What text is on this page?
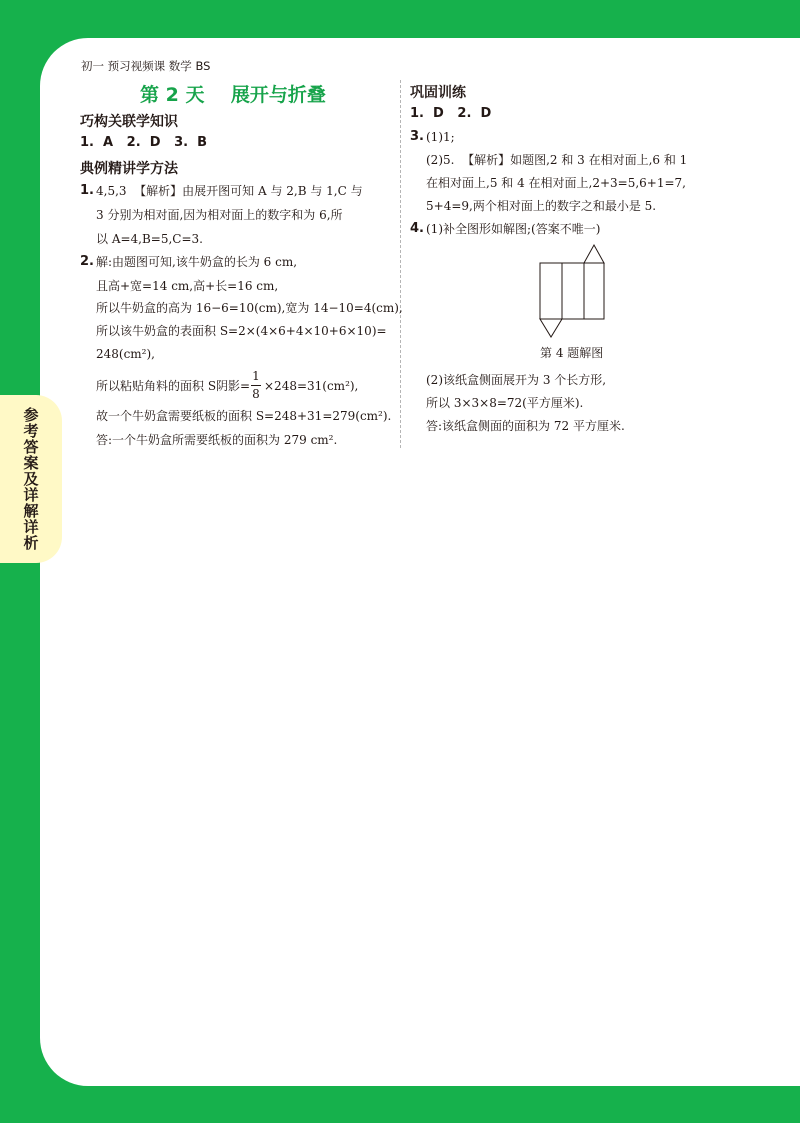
参考答案及详解详析
初一 预习视频课 数学 BS
第 2 天    展开与折叠
巧构关联学知识
1.  A   2.  D   3.  B
典例精讲学方法
1. 4,5,3  【解析】由展开图可知 A 与 2,B 与 1,C 与
3 分别为相对面,因为相对面上的数字和为 6,所
以 A=4,B=5,C=3.
2. 解:由题图可知,该牛奶盒的长为 6 cm,
且高+宽=14 cm,高+长=16 cm,
所以牛奶盒的高为 16−6=10(cm),宽为 14−10=4(cm),
所以该牛奶盒的表面积 S=2×(4×6+4×10+6×10)=
248(cm²),
所以粘贴角料的面积 S阴影=
1
8
×248=31(cm²),
故一个牛奶盒需要纸板的面积 S=248+31=279(cm²).
答:一个牛奶盒所需要纸板的面积为 279 cm².
巩固训练
1.  D   2.  D
3. (1)1;
(2)5.  【解析】如题图,2 和 3 在相对面上,6 和 1
在相对面上,5 和 4 在相对面上,2+3=5,6+1=7,
5+4=9,两个相对面上的数字之和最小是 5.
4. (1)补全图形如解图;(答案不唯一)
第 4 题解图
(2)该纸盒侧面展开为 3 个长方形,
所以 3×3×8=72(平方厘米).
答:该纸盒侧面的面积为 72 平方厘米.
